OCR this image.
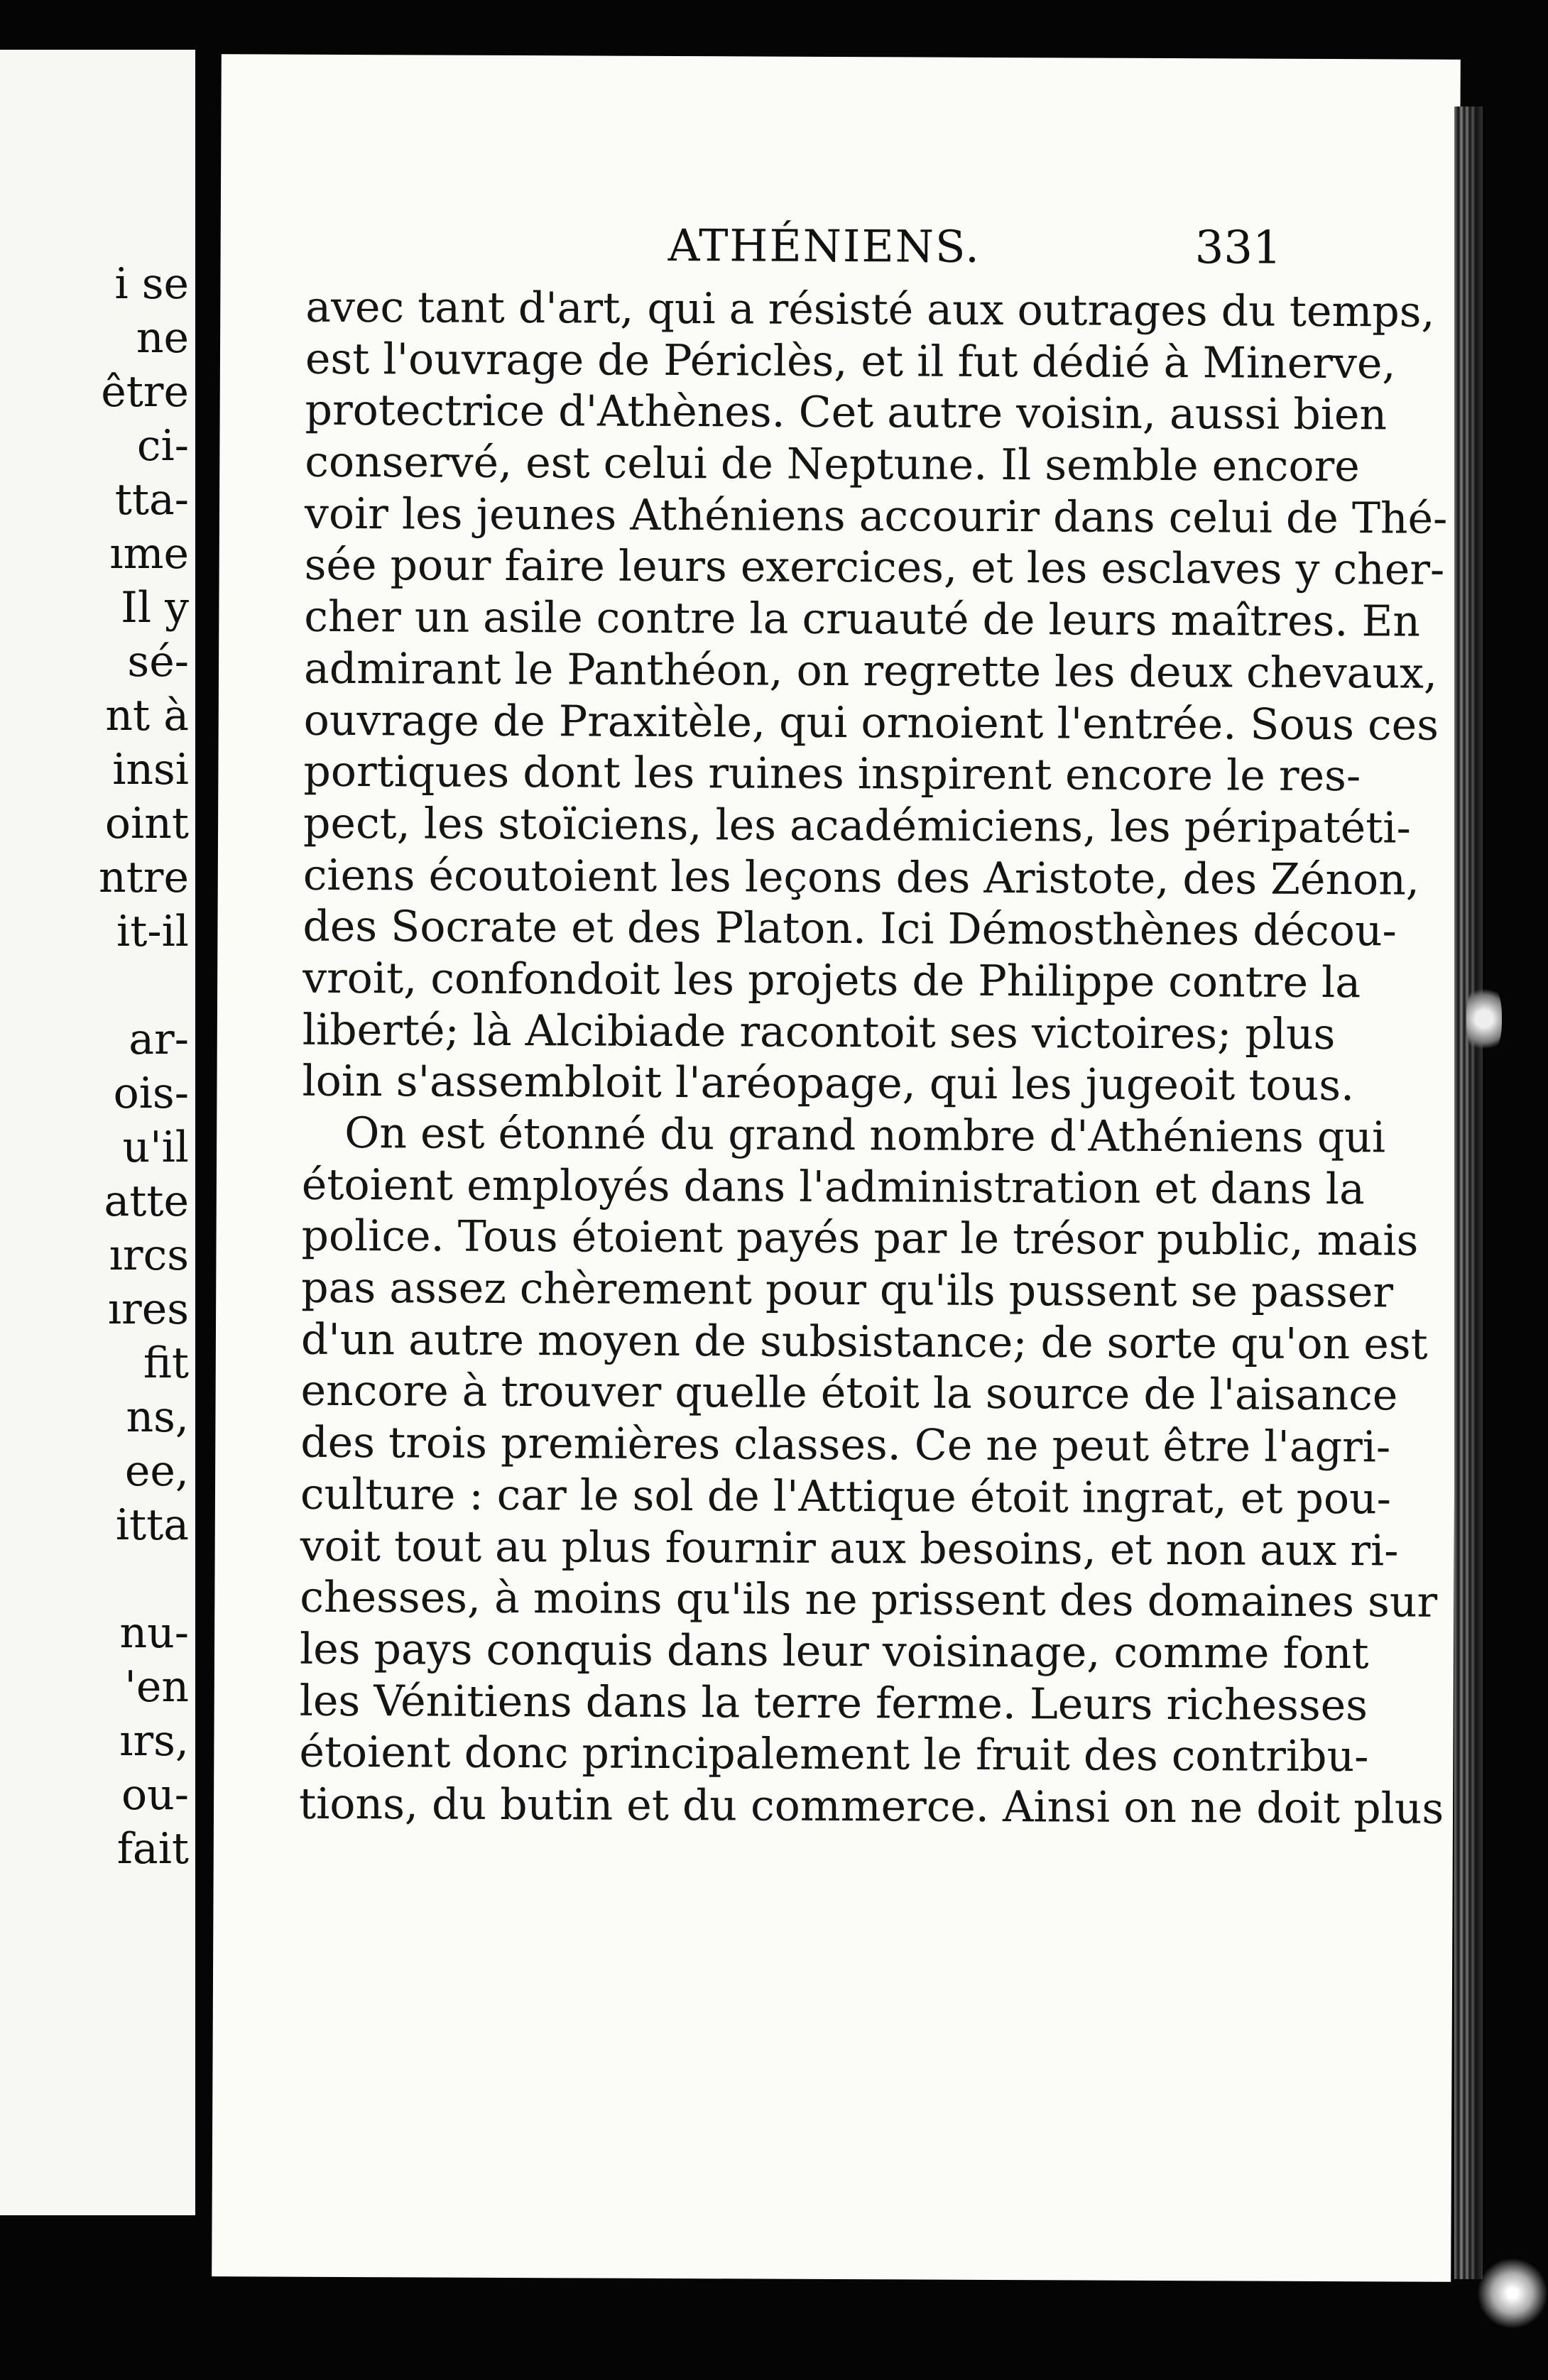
i se
ne
être
ci-
tta-
ıme
Il y
sé-
nt à
insi
oint
ntre
it-il
ar-
ois-
u'il
atte
ırcs
ıres
fit
ns,
ee,
itta
nu-
'en
ırs,
ou-
fait
ATHÉNIENS.	331
avec tant d'art, qui a résisté aux outrages du temps,
est l'ouvrage de Périclès, et il fut dédié à Minerve,
protectrice d'Athènes. Cet autre voisin, aussi bien
conservé, est celui de Neptune. Il semble encore
voir les jeunes Athéniens accourir dans celui de Thé-
sée pour faire leurs exercices, et les esclaves y cher-
cher un asile contre la cruauté de leurs maîtres. En
admirant le Panthéon, on regrette les deux chevaux,
ouvrage de Praxitèle, qui ornoient l'entrée. Sous ces
portiques dont les ruines inspirent encore le res-
pect, les stoïciens, les académiciens, les péripatéti-
ciens écoutoient les leçons des Aristote, des Zénon,
des Socrate et des Platon. Ici Démosthènes décou-
vroit, confondoit les projets de Philippe contre la
liberté; là Alcibiade racontoit ses victoires; plus
loin s'assembloit l'aréopage, qui les jugeoit tous.
On est étonné du grand nombre d'Athéniens qui
étoient employés dans l'administration et dans la
police. Tous étoient payés par le trésor public, mais
pas assez chèrement pour qu'ils pussent se passer
d'un autre moyen de subsistance; de sorte qu'on est
encore à trouver quelle étoit la source de l'aisance
des trois premières classes. Ce ne peut être l'agri-
culture : car le sol de l'Attique étoit ingrat, et pou-
voit tout au plus fournir aux besoins, et non aux ri-
chesses, à moins qu'ils ne prissent des domaines sur
les pays conquis dans leur voisinage, comme font
les Vénitiens dans la terre ferme. Leurs richesses
étoient donc principalement le fruit des contribu-
tions, du butin et du commerce. Ainsi on ne doit plus
